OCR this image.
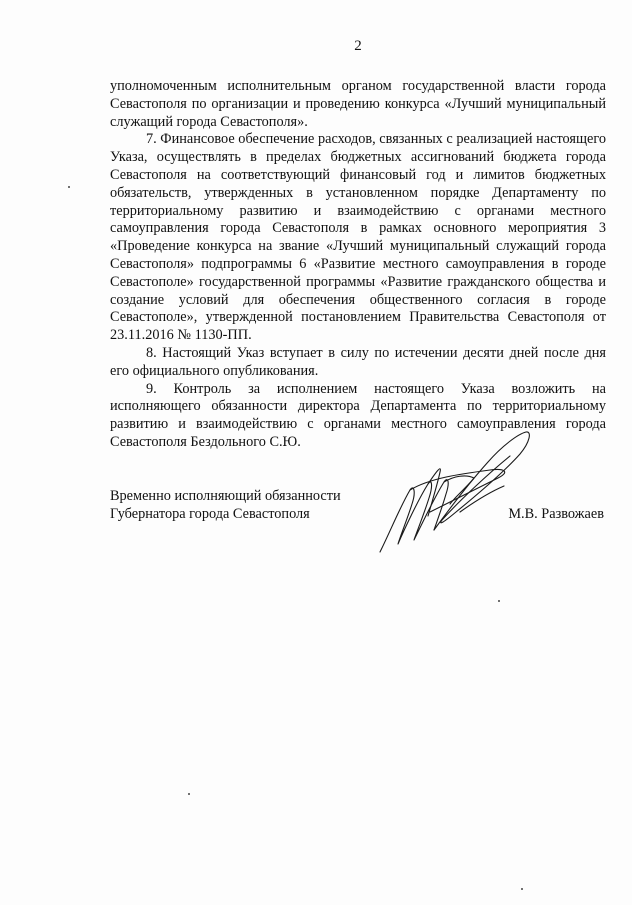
2

уполномоченным исполнительным органом государственной власти города Севастополя по организации и проведению конкурса «Лучший муниципальный служащий города Севастополя».

7. Финансовое обеспечение расходов, связанных с реализацией настоящего Указа, осуществлять в пределах бюджетных ассигнований бюджета города Севастополя на соответствующий финансовый год и лимитов бюджетных обязательств, утвержденных в установленном порядке Департаменту по территориальному развитию и взаимодействию с органами местного самоуправления города Севастополя в рамках основного мероприятия 3 «Проведение конкурса на звание «Лучший муниципальный служащий города Севастополя» подпрограммы 6 «Развитие местного самоуправления в городе Севастополе» государственной программы «Развитие гражданского общества и создание условий для обеспечения общественного согласия в городе Севастополе», утвержденной постановлением Правительства Севастополя от 23.11.2016 № 1130-ПП.

8. Настоящий Указ вступает в силу по истечении десяти дней после дня его официального опубликования.

9. Контроль за исполнением настоящего Указа возложить на исполняющего обязанности директора Департамента по территориальному развитию и взаимодействию с органами местного самоуправления города Севастополя Бездольного С.Ю.

Временно исполняющий обязанности
Губернатора города Севастополя	М.В. Развожаев
